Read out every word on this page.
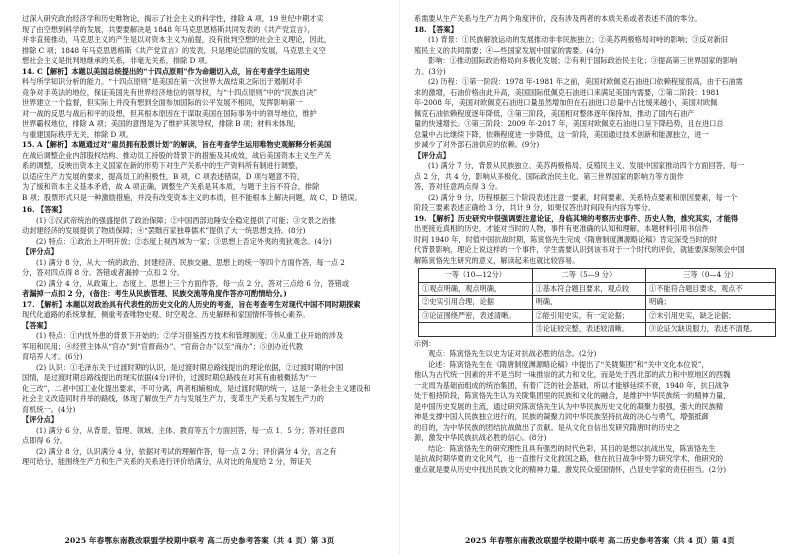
过深入研究政治经济学和历史唯物论，揭示了社会主义的科学性，排除 A 项，19 世纪中期才实
现了由空想到科学的发展，共要要解决是 1848 年马克思恩格斯共同发表的《共产党宣言》，
并非直接推动，马克思主义的产生是以对资本主义为前提，没有批判空想的社会主义理论，因此，
排除 C 项；1848 年马克思恩格斯《共产党宣言》的发表，只是理论层面的发展，马克思主义空
想社会主义是批判地继承的关系，非毫无关系，排除 D 项。
14. C【解析】本题以美国总统提出的“十四点原则”作为命题切入点，旨在考查学生运用史
料与所学知识分析的能力。“十四点原则”是美国在第一次世界大战结束之际出于遏制对手
竞争对手英法的地位，保证美国先有世界经济地位的领导权，与“十四点原则”中的“民族自决”
世界建立一个监督，但实际上并没有想到全面参加国际的公平发展不相同，发挥影响第一
对一战的反思与战后和平的设想，但其根本原因在于谋取美国在国际事务中的领导地位，维护
世界霸权地位，排除 A 项；美国的意图是为了维护其领导权，排除 B 项；材料未体现，
与重建国际秩序无关，排除 D 项。
15. A【解析】本题通过对“雇员拥有股票计划”的解读，旨在考查学生运用唯物史观解释分析美国
在战后调整企业内部股权结构、推动员工持股的背景下的措施及其成效，战后美国资本主义生产关
系的调整，反映出资本主义国家在新的形势下对生产关系中的生产资料所有制进行调整，
以适应生产力发展的要求，提高员工的积极性，B 项，C 项表述错误，D 项与题意不符，
为了缓和资本主义基本矛盾，故 A 项正确，调整生产关系是其本质，与题干主旨不符合，排除
B 项；股票形式只是一种激励措施，并没有改变资本主义的本质，但不能根本上解决问题，故 C、D 错误。
16. 【答案】
(1) ①汉武帝统治的强盛提供了政治保障；②中国西部边陲安全稳定提供了可能；③文景之治推
动封建经济的发展提供了物质保障；④“罢黜百家独尊儒术”提供了大一统思想支持。(8分)
(2) 特点：①政治上开明开放；②态度上视西域为一家；③思想上否定外夷的夷狄观念。(4分)
【评分点】
(1) 满分 8 分，从大一统的政治、封建经济、民族交融、思想上的统一等四个方面作答，每一点 2
分，答对四点得 8 分。答错或者漏掉一点扣 2 分。
(2) 满分 4 分，从政策上、态度上、思想上三个方面作答，每一点 2 分，答对三点给 6 分，答错或
者漏掉一点扣 2 分，(备注：考生从民族管理、民族交流等角度作答亦可酌情给分。)
17. 【解析】本题以对政治具有代表性的历史文化的人历史的考查，旨在考查考生对现代中国不同时期探索
现代化道路的系统掌握，侧重考查唯物史观、时空观念、历史解释和家国情怀等核心素养。
【答案】
(1) 特点：①内忧外患的背景下开始的；②学习借鉴西方技术和管理制度；③从重工业开始的涉及
军用和民用；④经营主体从“官办”到“官督商办”、“官商合办”以至“商办”；⑤创办近代教
育培养人才。(6分)
(2) 认识：①毛泽东关于过渡时期的认识，是过渡时期总路线提出的理论依据，②过渡时期的中国
国情，是过渡时期总路线提出的现实依据(4分)评价，过渡时期总路线在对其有曲被概括为“一
化三改”，二者中国工业化提出要求，不可分离，两者相辅相成，是过渡时期的统一，这是一条社会主义建设和
社会主义改造同时并举的路线，体现了解放生产力与发展生产力，变革生产关系与发展生产力的
育机统一。(4分)
【评分点】
(1) 满分 6 分，从背景、管理、领域、主体、教育等五个方面回答，每一点 1．5 分；答对任意四
点即得 6 分。
(2) 满分 8 分，认识满分 4 分，依据对考试的理解作答，每一点 2 分；评价满分 4 分，言之有
理可给分，能围绕生产力和生产关系的关系进行评价给满分，从对比的角度给 2 分，辩证关
2025 年春鄂东南教改联盟学校期中联考 高二历史参考答案（共 4 页）第 3页
系需要从生产关系与生产力两个角度评价，没有涉及两者的本质关系或者表述不清的零分。
18. 【答案】
(1) 背景：①民族解放运动的发展推动非非民族独立；②美苏两极格局对峙的影响；③反对新旧
殖民主义的共同需要；④—些国家发展中国家的需要。(4分)
影响：①推动国际政治格局向多极化发展；②有利于国际政治民主化；③提高第三世界国家的影响
力。(3分)
(2) 历程：①第一阶段：1978 年-1981 年之前，美国对欧佩克石油进口依赖程度很高，由于石油需
求的激增，石油价格由此升高，美国国际低佩克石油进口来满足美国内需要，②第二阶段：1981
年-2008 年，美国对欧佩克石油进口量虽然增加但在石油进口总量中占比缓来越小，美国对欧佩
佩克石油依赖程度逐年降低，③第三阶段，美国相对整体逐年保持加，推动了国内石油产
量的快速增长。③第三阶段：2009 年-2017 年，美国对欧佩克石油进口呈下降趋势，且在进口总
总量中占比继续下降，依赖程度进一步降低，这一阶段，美国通过技术创新和能源独立，进一
步减少了对外部石油供应的依赖。(9分)
【评分点】
(1) 满分 7 分，背景从民族独立、美苏两极格局、反殖民主义、发展中国家推动四个方面回答，每一
点 2 分，共 4 分，影响从多极化、国际政治民主化、第三世界国家的影响力等方面作
答，答对任意两点得 3 分。
(2) 满分 9 分，历程根据三个阶段表述注意一要素，时间要素、关系特点要素和原因要素，每一个
阶段三要素表述正确给 3 分，共计 9 分，如果仅答出时间段有内容为零分。
19. 【解析】历史研究中很强调要注意论证，身临其境的考察历史事件、历史人物，推究其实，才能得
出更接近真相的历史，才能对当时的人物，事件有更准确的认知和理解，本题材料引用书信件
时间 1940 年，时值中国抗战时期，陈寅恪先生完成《隋唐制度渊源略论稿》肯定深受当时的时
代背景影响，理论上说这样的一个事件，学生需要认识到该书对于一个时代的评价，就能要深刻领会中国
解陈寅恪先生研究的意义，解读起来也就比较容易。
一等（10—12分）	二等（5—9 分）	三等（0—4 分）
①观点明确，观点明确，	①基本符合题目要求，观点较	①不能符合题目要求，观点不
②史实引用合理，论据	明确，	明确；
③论证围绕严密，表述清晰。	②能引用史实，有一定论据；	②未引用史实，缺乏论据；
	③论证较完整，表述较清晰。	③论证欠缺说服力，表述不清楚。
示例：
观点：陈寅恪先生以史为证对抗战必胜的信念。(2分)
论述：陈寅恪先生在《隋唐制度渊源略论稿》中提出了“关陇集团”和“关中文化本位说”，
他认为古代统一因素的并不是当时一味推崇的武力和文化，而是处于西北部的武力和中原地区的西魏
一北周为基础而组成的统治集团，有着广泛的社会基础，所以才能够延续不衰，1940 年，抗日战争
处于相持阶段，陈寅恪先生认为关陇集团里的民族和文化的融合，是维护中华民族统一的精神力量，
是中国历史发展的主流，通过研究陈寅恪先生认为中华民族历史文化的凝聚力很强，强大的民族精
神是支撑中国人民族独立进行的，民族的凝聚力同中华民族坚持抗战的决心与勇气，增强抵御
的目的，为中华民族的团结抗战做出了贡献。是从文化自信出发研究隋唐时的历史之
源，激发中华民族抗战必胜的信心。(8分)
结论：陈寅恪先生的研究理性且具有强烈的时代色彩，其目的是想以抗战出发，陈寅恪先生
是抗战时期华夏的文化风气，也一直推行文化救国之路，他在抗日战争中努力研究学术，他研究的
重点就是要从历史中找出民族文化的精神力量，激发民众爱国情怀，凸显史学家的责任担当。(2分)
2025 年春鄂东南教改联盟学校期中联考 高二历史参考答案（共 4 页）第 4页
